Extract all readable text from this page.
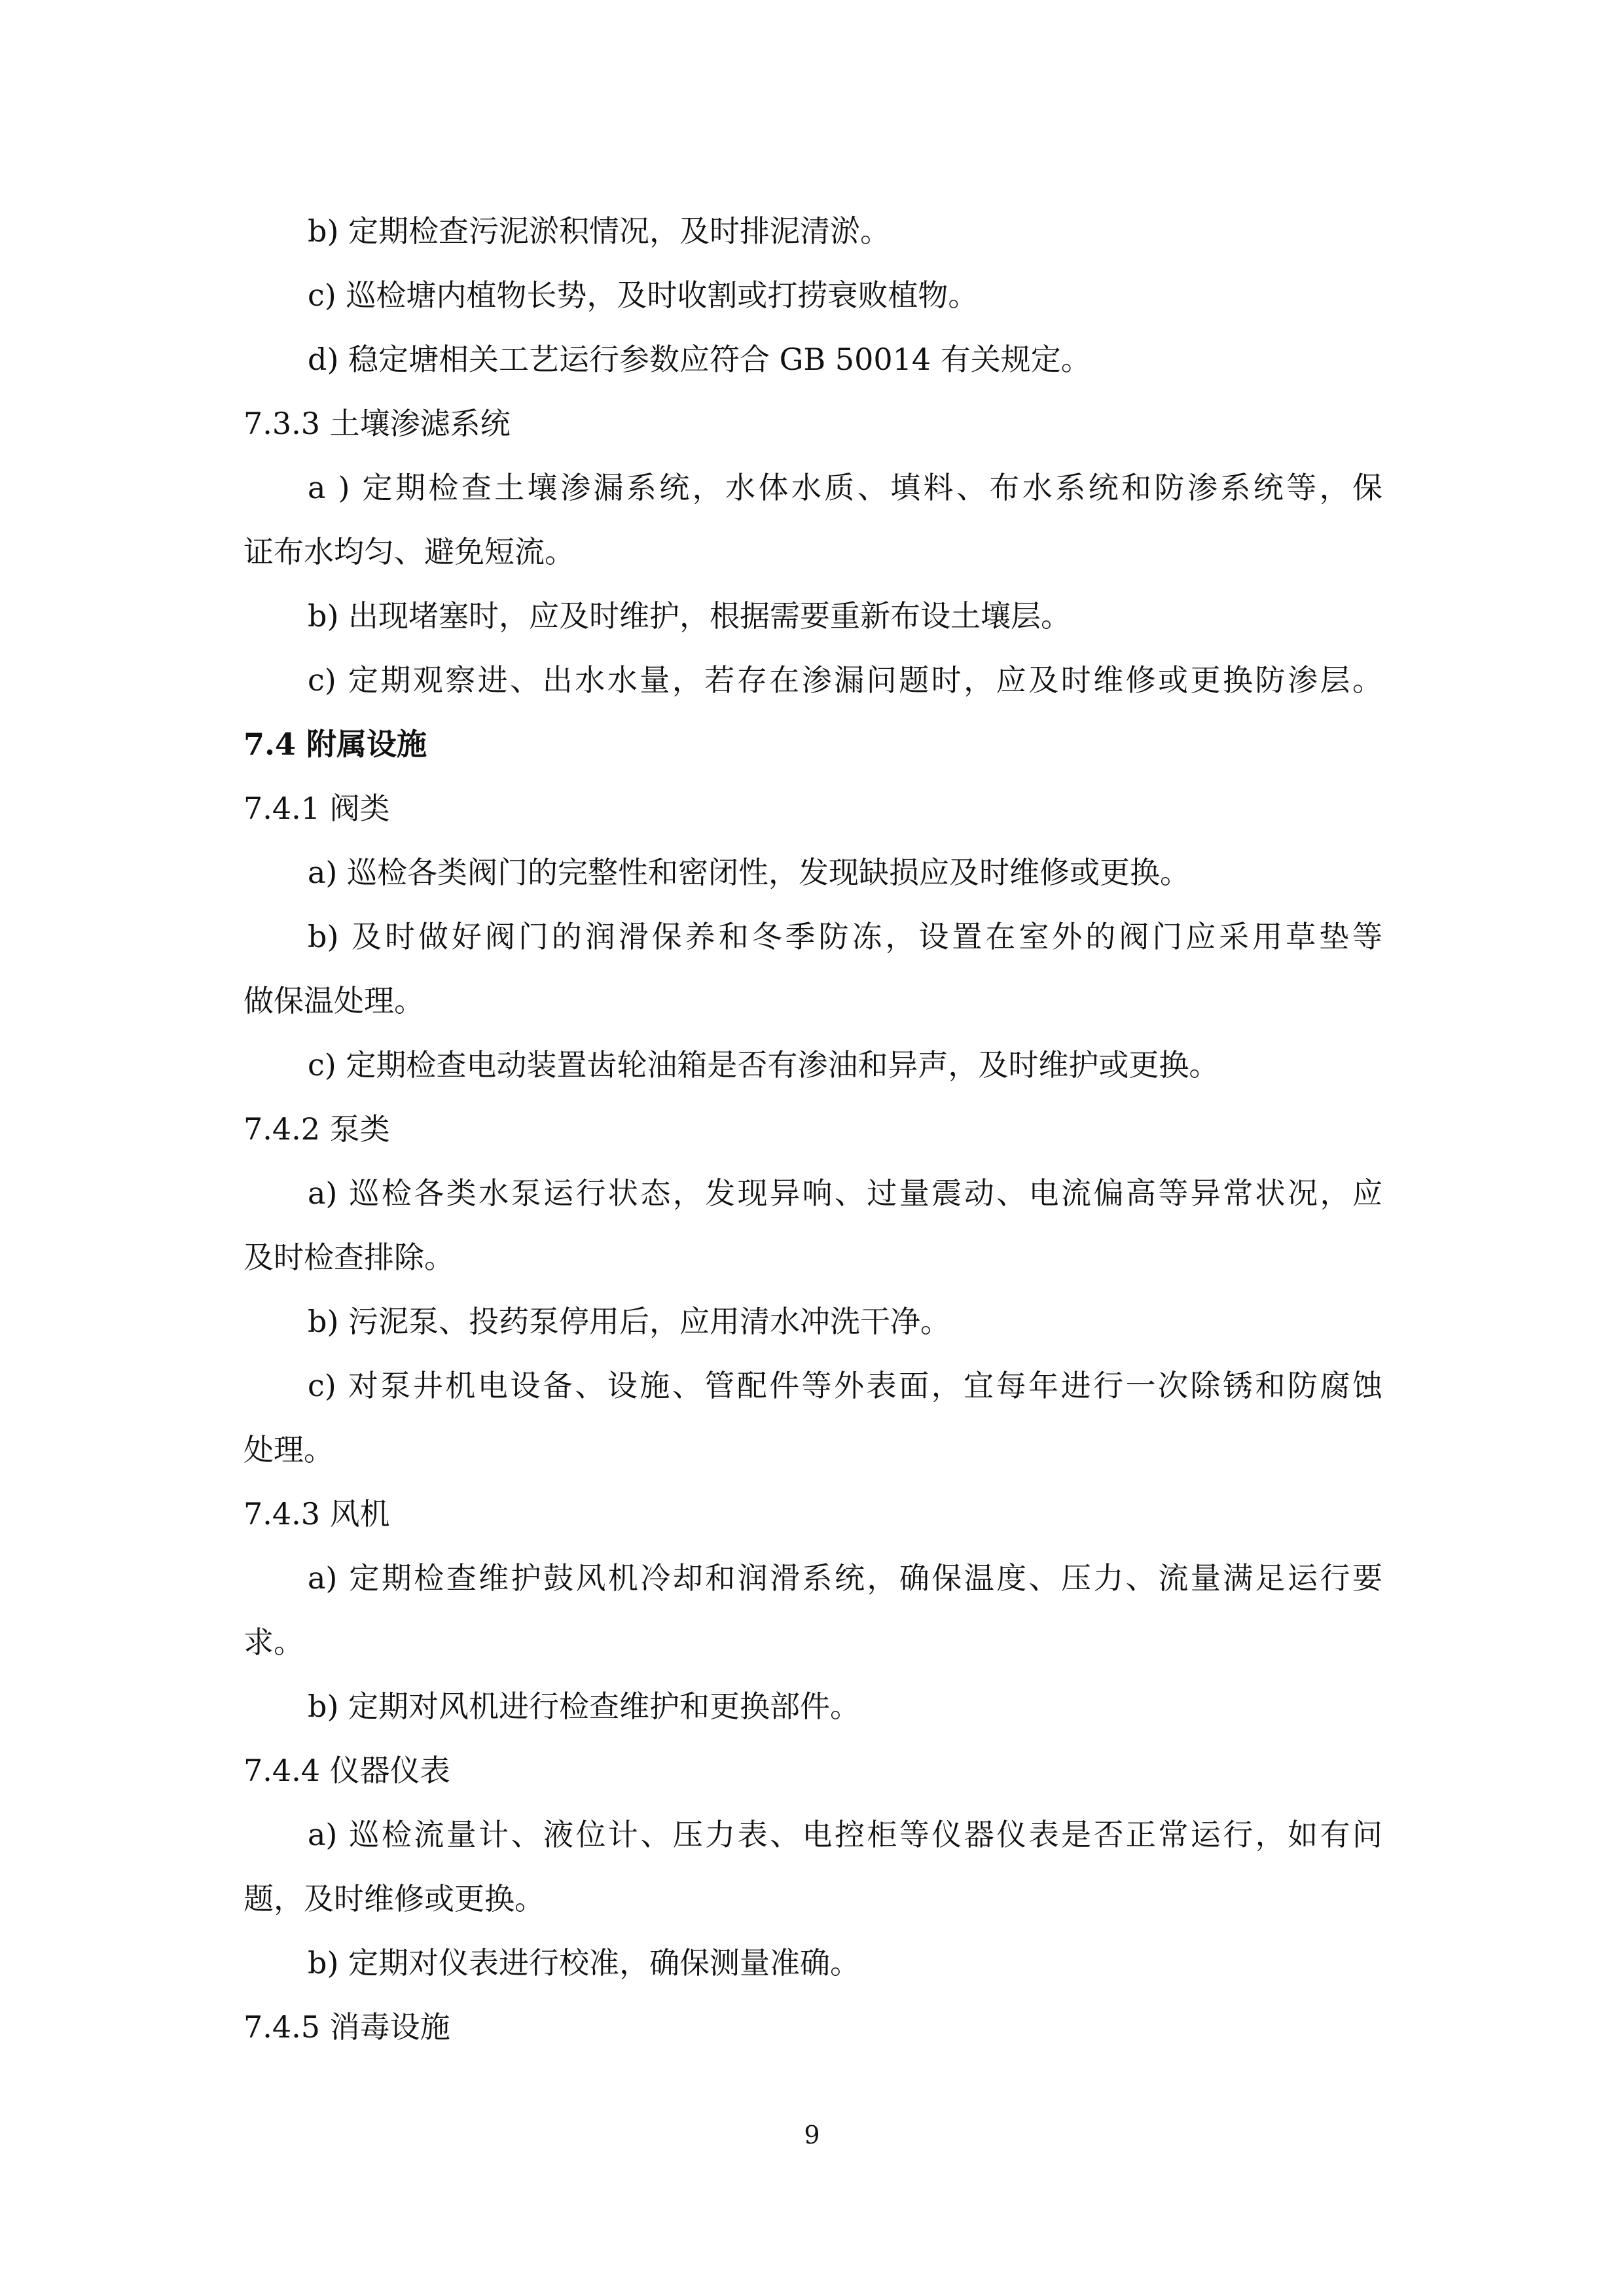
b) 定期检查污泥淤积情况，及时排泥清淤。
c) 巡检塘内植物长势，及时收割或打捞衰败植物。
d) 稳定塘相关工艺运行参数应符合 GB 50014 有关规定。
7.3.3 土壤渗滤系统
a ) 定期检查土壤渗漏系统，水体水质、填料、布水系统和防渗系统等，保
证布水均匀、避免短流。
b) 出现堵塞时，应及时维护，根据需要重新布设土壤层。
c) 定期观察进、出水水量，若存在渗漏问题时，应及时维修或更换防渗层。
7.4 附属设施
7.4.1 阀类
a) 巡检各类阀门的完整性和密闭性，发现缺损应及时维修或更换。
b) 及时做好阀门的润滑保养和冬季防冻，设置在室外的阀门应采用草垫等
做保温处理。
c) 定期检查电动装置齿轮油箱是否有渗油和异声，及时维护或更换。
7.4.2 泵类
a) 巡检各类水泵运行状态，发现异响、过量震动、电流偏高等异常状况，应
及时检查排除。
b) 污泥泵、投药泵停用后，应用清水冲洗干净。
c) 对泵井机电设备、设施、管配件等外表面，宜每年进行一次除锈和防腐蚀
处理。
7.4.3 风机
a) 定期检查维护鼓风机冷却和润滑系统，确保温度、压力、流量满足运行要
求。
b) 定期对风机进行检查维护和更换部件。
7.4.4 仪器仪表
a) 巡检流量计、液位计、压力表、电控柜等仪器仪表是否正常运行，如有问
题，及时维修或更换。
b) 定期对仪表进行校准，确保测量准确。
7.4.5 消毒设施
9
